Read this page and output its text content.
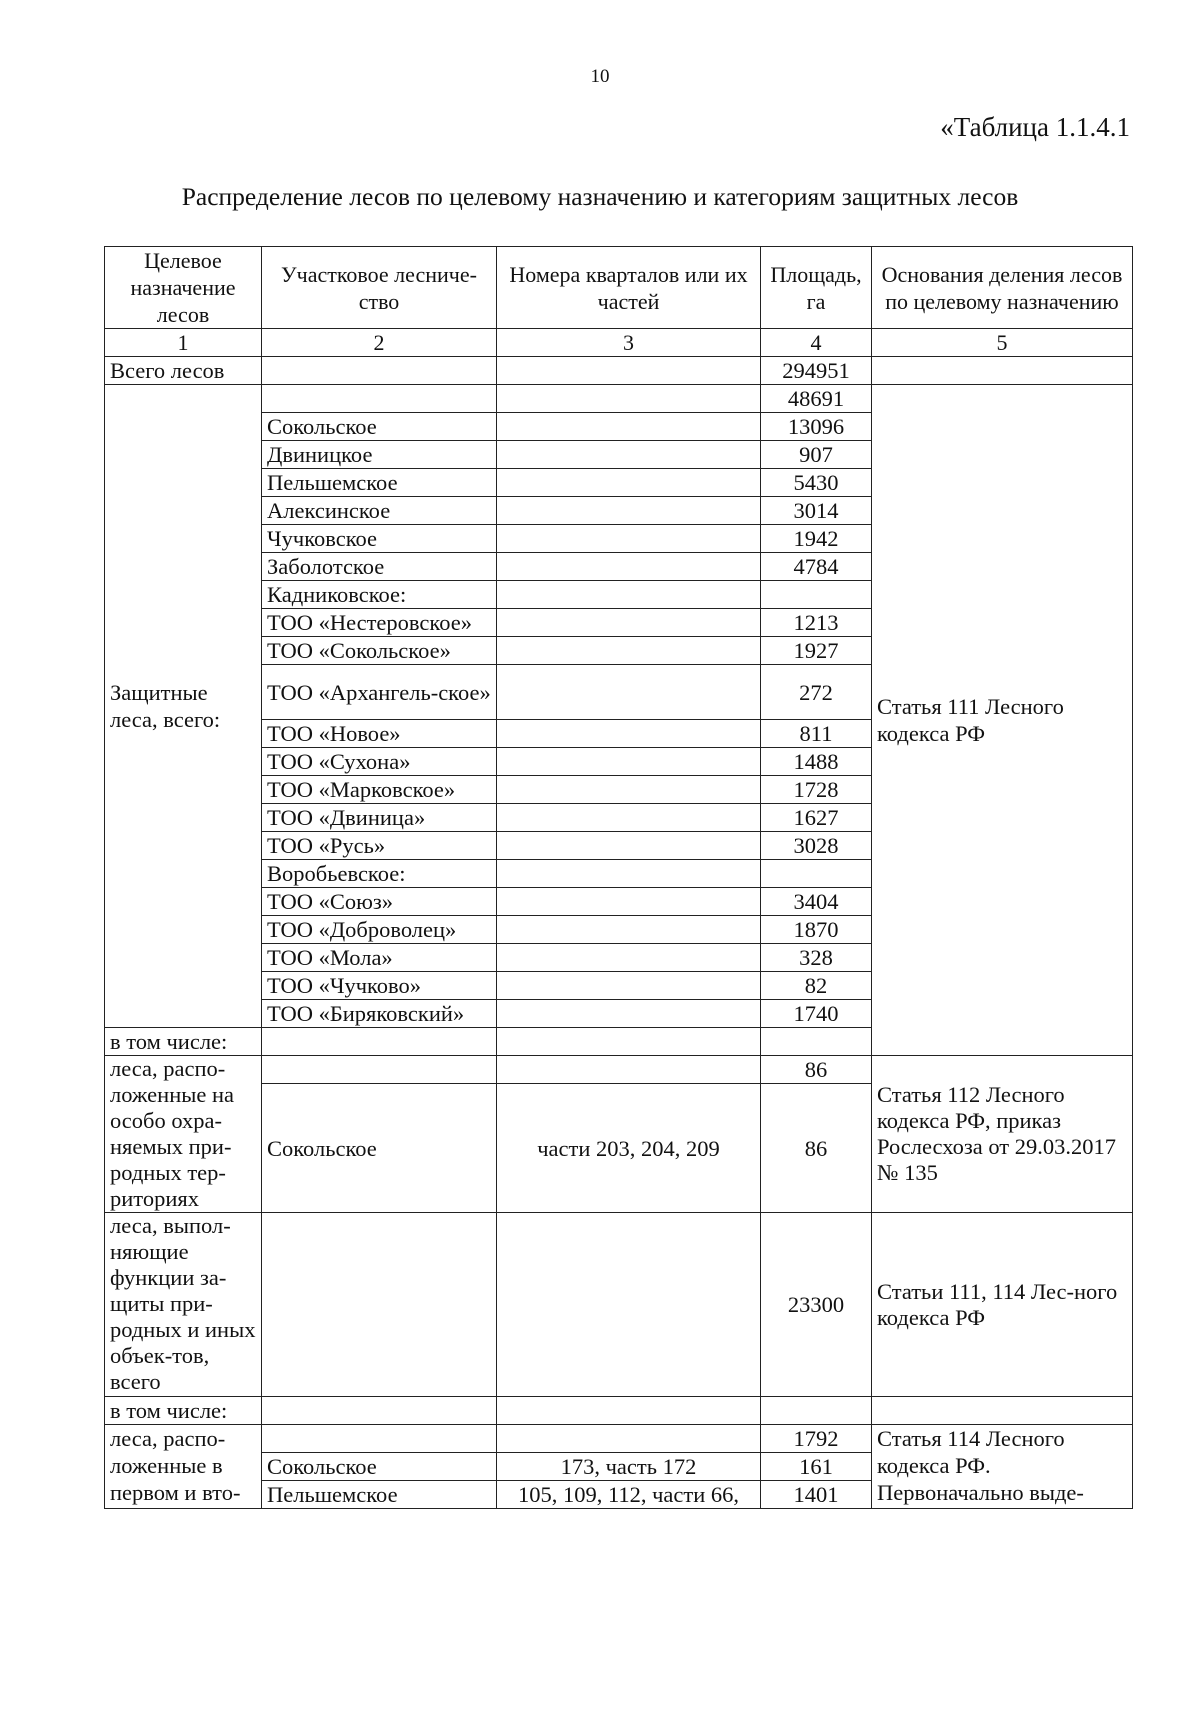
10
«Таблица 1.1.4.1
Распределение лесов по целевому назначению и категориям защитных лесов
Целевое назначение лесов	Участковое лесниче-ство	Номера кварталов или их частей	Площадь, га	Основания деления лесов по целевому назначению
1	2	3	4	5
Всего лесов			294951	
Защитные леса, всего:			48691	Статья 111 Лесного кодекса РФ
	Сокольское		13096	
	Двиницкое		907	
	Пельшемское		5430	
	Алексинское		3014	
	Чучковское		1942	
	Заболотское		4784	
	Кадниковское:			
	ТОО «Нестеровское»		1213	
	ТОО «Сокольское»		1927	
	ТОО «Архангель-ское»		272	
	ТОО «Новое»		811	
	ТОО «Сухона»		1488	
	ТОО «Марковское»		1728	
	ТОО «Двиница»		1627	
	ТОО «Русь»		3028	
	Воробьевское:			
	ТОО «Союз»		3404	
	ТОО «Доброволец»		1870	
	ТОО «Мола»		328	
	ТОО «Чучково»		82	
	ТОО «Биряковский»		1740	
в том числе:				
леса, распо-ложенные на особо охра-няемых при-родных тер-риториях			86	Статья 112 Лесного кодекса РФ, приказ Рослесхоза от 29.03.2017 № 135
	Сокольское	части 203, 204, 209	86	
леса, выпол-няющие функции за-щиты при-родных и иных объек-тов, всего			23300	Статьи 111, 114 Лес-ного кодекса РФ
в том числе:				
леса, распо-ложенные в первом и вто-			1792	Статья 114 Лесного кодекса РФ. Первоначально выде-
	Сокольское	173, часть 172	161	
	Пельшемское	105, 109, 112, части 66,	1401	
